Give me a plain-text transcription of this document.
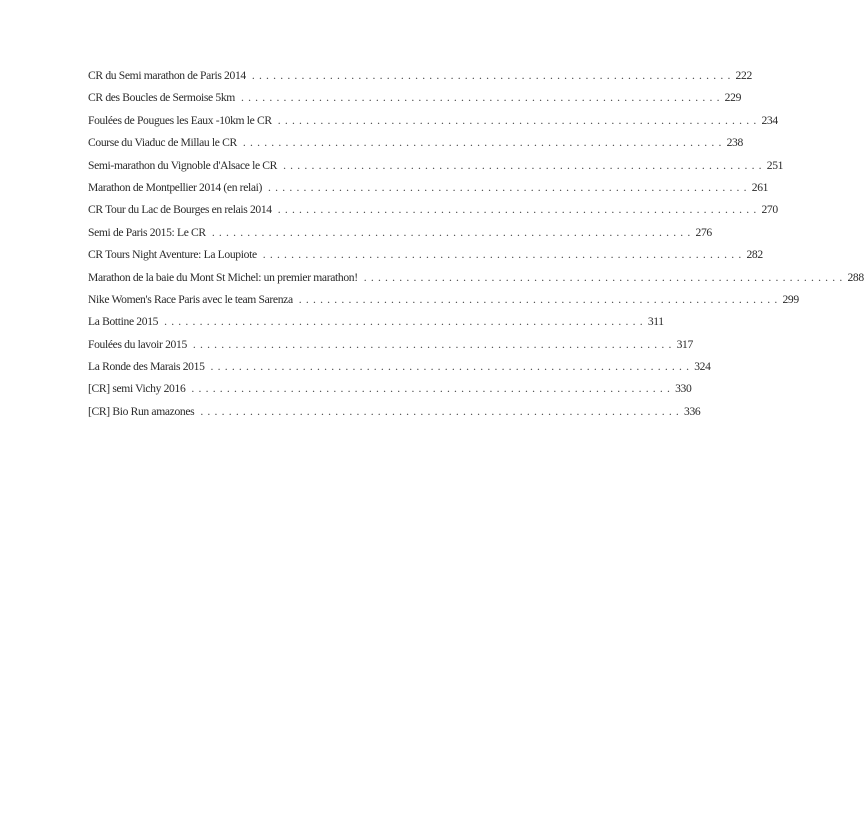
CR du Semi marathon de Paris 2014 .................................................................... 222
CR des Boucles de Sermoise 5km .................................................................... 229
Foulées de Pougues les Eaux -10km le CR .................................................................... 234
Course du Viaduc de Millau le CR .................................................................... 238
Semi-marathon du Vignoble d'Alsace le CR .................................................................... 251
Marathon de Montpellier 2014 (en relai) .................................................................... 261
CR Tour du Lac de Bourges en relais 2014 .................................................................... 270
Semi de Paris 2015: Le CR .................................................................... 276
CR Tours Night Aventure: La Loupiote .................................................................... 282
Marathon de la baie du Mont St Michel: un premier marathon! .................................................................... 288
Nike Women's Race Paris avec le team Sarenza .................................................................... 299
La Bottine 2015 .................................................................... 311
Foulées du lavoir 2015 .................................................................... 317
La Ronde des Marais 2015 .................................................................... 324
[CR] semi Vichy 2016 .................................................................... 330
[CR] Bio Run amazones .................................................................... 336
